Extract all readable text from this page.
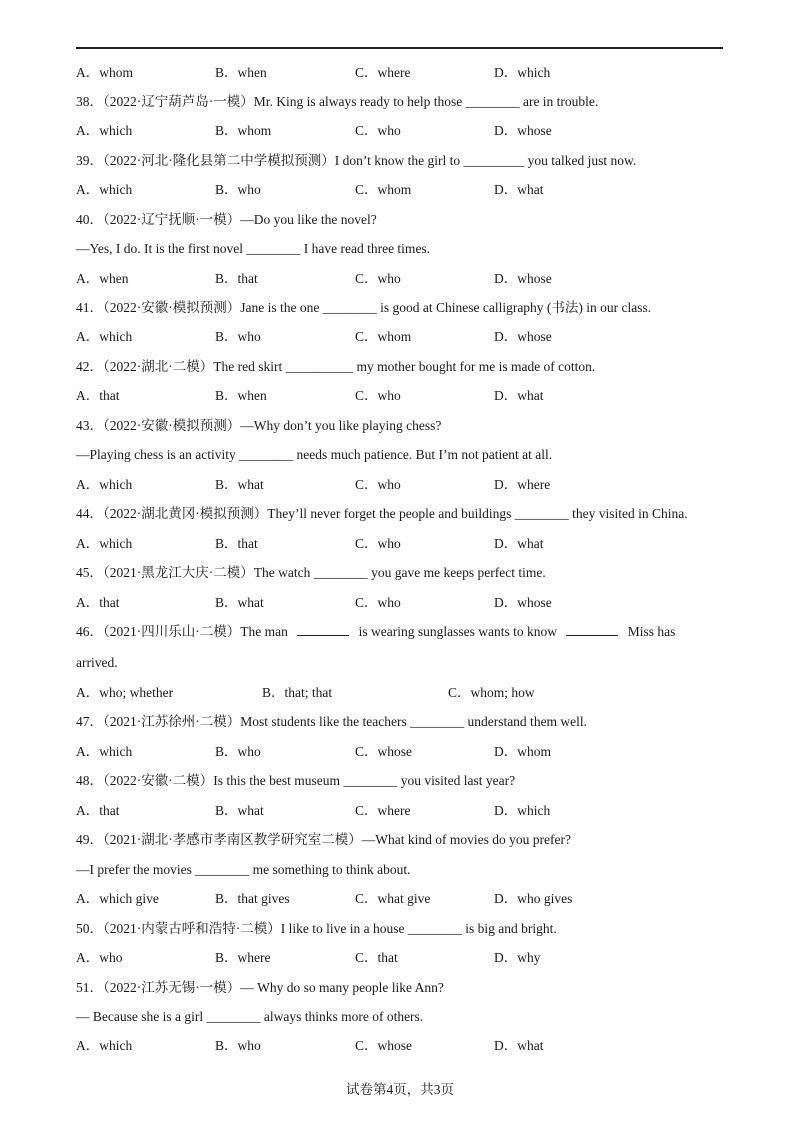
A．whom	B．when	C．where	D．which
38．（2022·辽宁葫芦岛·一模）Mr. King is always ready to help those ________ are in trouble.
A．which	B．whom	C．who	D．whose
39．（2022·河北·隆化县第二中学模拟预测）I don’t know the girl to _________ you talked just now.
A．which	B．who	C．whom	D．what
40．（2022·辽宁抚顺·一模）—Do you like the novel?
—Yes, I do. It is the first novel ________ I have read three times.
A．when	B．that	C．who	D．whose
41．（2022·安徽·模拟预测）Jane is the one ________ is good at Chinese calligraphy (书法) in our class.
A．which	B．who	C．whom	D．whose
42．（2022·湖北·二模）The red skirt __________ my mother bought for me is made of cotton.
A．that	B．when	C．who	D．what
43．（2022·安徽·模拟预测）—Why don’t you like playing chess?
—Playing chess is an activity ________ needs much patience. But I’m not patient at all.
A．which	B．what	C．who	D．where
44．（2022·湖北黄冈·模拟预测）They’ll never forget the people and buildings ________ they visited in China.
A．which	B．that	C．who	D．what
45．（2021·黑龙江大庆·二模）The watch ________ you gave me keeps perfect time.
A．that	B．what	C．who	D．whose
46．（2021·四川乐山·二模）The man	is wearing sunglasses wants to know	Miss has
arrived.
A．who; whether	B．that; that	C．whom; how
47．（2021·江苏徐州·二模）Most students like the teachers ________ understand them well.
A．which	B．who	C．whose	D．whom
48．（2022·安徽·二模）Is this the best museum ________ you visited last year?
A．that	B．what	C．where	D．which
49．（2021·湖北·孝感市孝南区教学研究室二模）—What kind of movies do you prefer?
—I prefer the movies ________ me something to think about.
A．which give	B．that gives	C．what give	D．who gives
50．（2021·内蒙古呼和浩特·二模）I like to live in a house ________ is big and bright.
A．who	B．where	C．that	D．why
51．（2022·江苏无锡·一模）— Why do so many people like Ann?
— Because she is a girl ________ always thinks more of others.
A．which	B．who	C．whose	D．what
试卷第4页，共3页
